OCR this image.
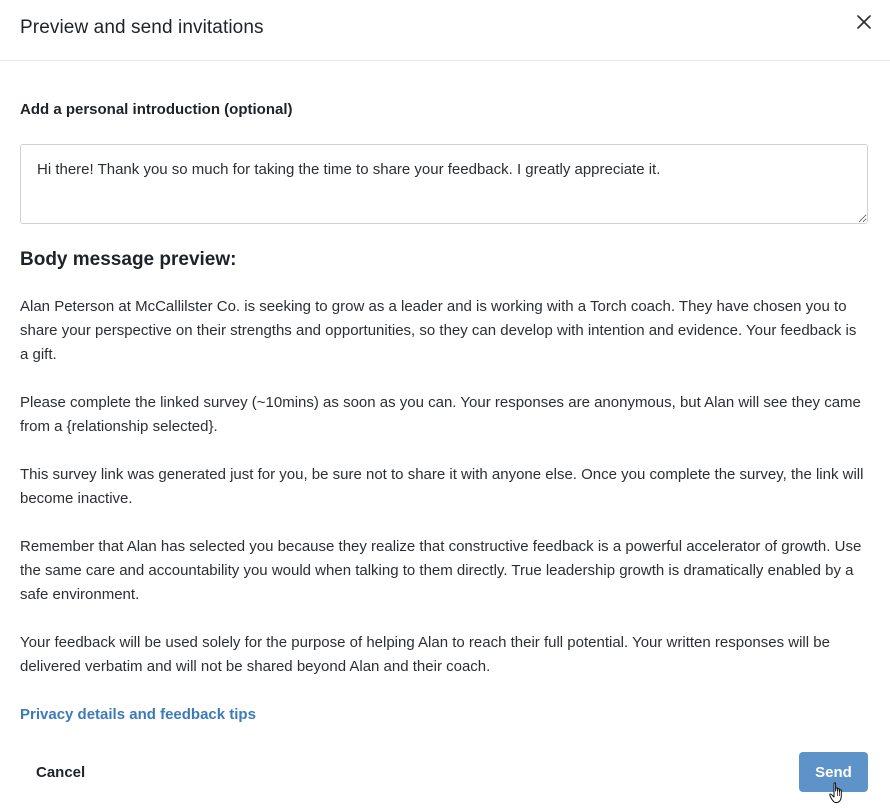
Preview and send invitations
Add a personal introduction (optional)
Hi there! Thank you so much for taking the time to share your feedback. I greatly appreciate it.
Body message preview:

Alan Peterson at McCallilster Co. is seeking to grow as a leader and is working with a Torch coach. They have chosen you to share your perspective on their strengths and opportunities, so they can develop with intention and evidence. Your feedback is a gift.

Please complete the linked survey (~10mins) as soon as you can. Your responses are anonymous, but Alan will see they came from a {relationship selected}.

This survey link was generated just for you, be sure not to share it with anyone else. Once you complete the survey, the link will become inactive.

Remember that Alan has selected you because they realize that constructive feedback is a powerful accelerator of growth. Use the same care and accountability you would when talking to them directly. True leadership growth is dramatically enabled by a safe environment.

Your feedback will be used solely for the purpose of helping Alan to reach their full potential. Your written responses will be delivered verbatim and will not be shared beyond Alan and their coach.

Privacy details and feedback tips
Cancel	Send
